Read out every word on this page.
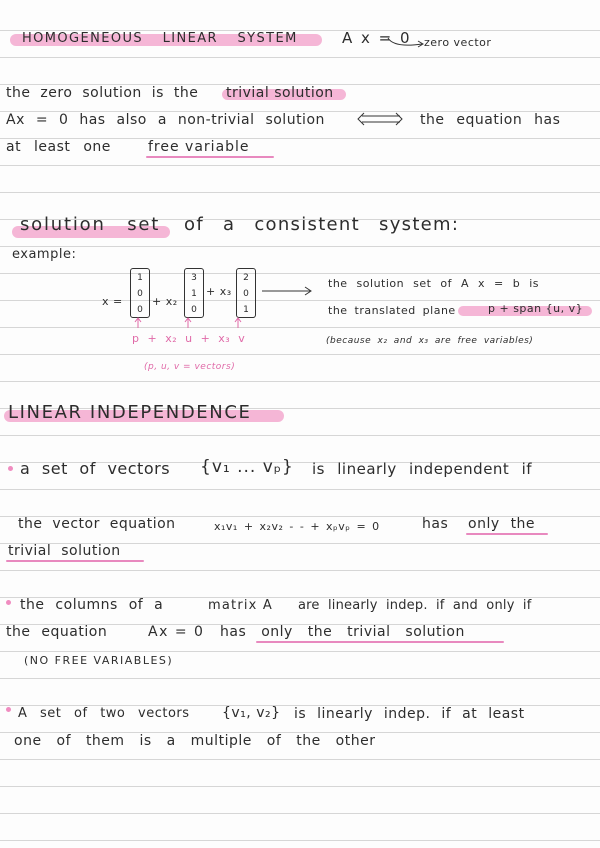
HOMOGENEOUS LINEAR SYSTEM	A x = 0 zero vector
the zero solution is the trivial solution
Ax = 0 has also a non-trivial solution	the equation has
at least one	free variable
solution set of a consistent system:
example:
x =
1
0
0
+ x₂
3
1
0
+ x₃
2
0
1
the solution set of A x = b is
the translated plane	p + span {u, v}
(because x₂ and x₃ are free variables)
p + x₂ u + x₃ v
(p, u, v = vectors)
LINEAR INDEPENDENCE
a set of vectors {v₁ ... vₚ} is linearly independent if
the vector equation	x₁v₁ + x₂v₂ - - + xₚvₚ = 0	has only the
trivial solution
the columns of a	matrix A are linearly indep. if and only if
the equation	Ax = 0 has only the trivial solution
(NO FREE VARIABLES)
A set of two vectors {v₁, v₂} is linearly indep. if at least
one of them is a multiple of the other
